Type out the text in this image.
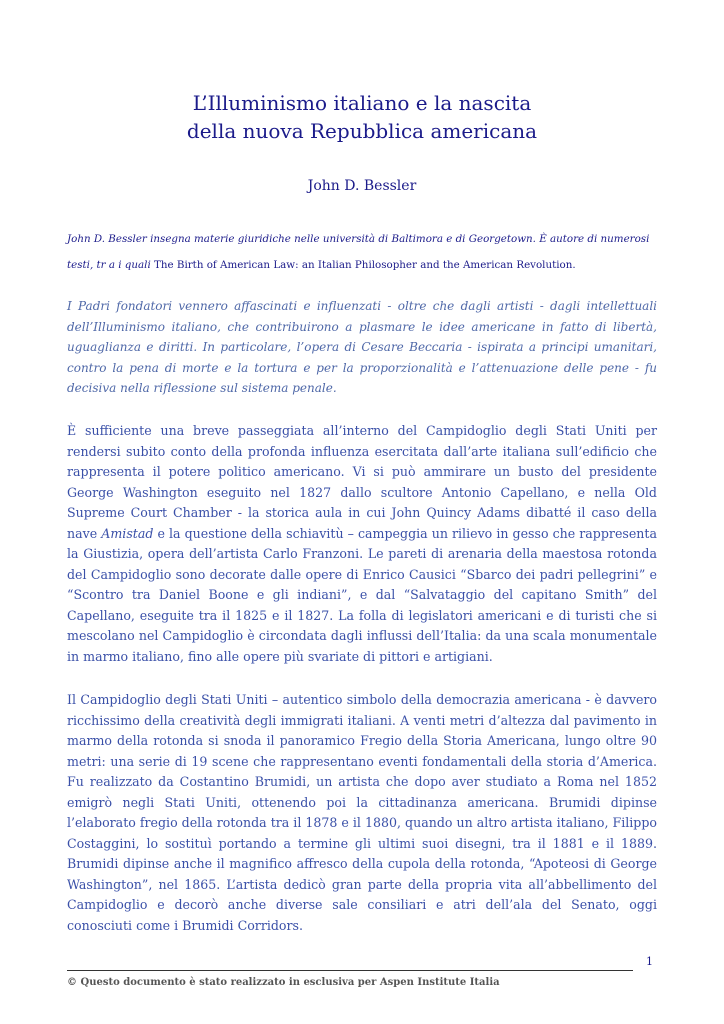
L’Illuminismo italiano e la nascita
della nuova Repubblica americana
John D. Bessler
John D. Bessler insegna materie giuridiche nelle università di Baltimora e di Georgetown. È autore di numerosi testi, tr a i quali The Birth of American Law: an Italian Philosopher and the American Revolution.
I Padri fondatori vennero affascinati e influenzati - oltre che dagli artisti - dagli intellettuali dell’Illuminismo italiano, che contribuirono a plasmare le idee americane in fatto di libertà, uguaglianza e diritti. In particolare, l’opera di Cesare Beccaria - ispirata a principi umanitari, contro la pena di morte e la tortura e per la proporzionalità e l’attenuazione delle pene - fu decisiva nella riflessione sul sistema penale.
È sufficiente una breve passeggiata all’interno del Campidoglio degli Stati Uniti per rendersi subito conto della profonda influenza esercitata dall’arte italiana sull’edificio che rappresenta il potere politico americano. Vi si può ammirare un busto del presidente George Washington eseguito nel 1827 dallo scultore Antonio Capellano, e nella Old Supreme Court Chamber - la storica aula in cui John Quincy Adams dibatté il caso della nave Amistad e la questione della schiavitù – campeggia un rilievo in gesso che rappresenta la Giustizia, opera dell’artista Carlo Franzoni. Le pareti di arenaria della maestosa rotonda del Campidoglio sono decorate dalle opere di Enrico Causici “Sbarco dei padri pellegrini” e “Scontro tra Daniel Boone e gli indiani”, e dal “Salvataggio del capitano Smith” del Capellano, eseguite tra il 1825 e il 1827. La folla di legislatori americani e di turisti che si mescolano nel Campidoglio è circondata dagli influssi dell’Italia: da una scala monumentale in marmo italiano, fino alle opere più svariate di pittori e artigiani.
Il Campidoglio degli Stati Uniti – autentico simbolo della democrazia americana - è davvero ricchissimo della creatività degli immigrati italiani. A venti metri d’altezza dal pavimento in marmo della rotonda si snoda il panoramico Fregio della Storia Americana, lungo oltre 90 metri: una serie di 19 scene che rappresentano eventi fondamentali della storia d’America. Fu realizzato da Costantino Brumidi, un artista che dopo aver studiato a Roma nel 1852 emigrò negli Stati Uniti, ottenendo poi la cittadinanza americana. Brumidi dipinse l’elaborato fregio della rotonda tra il 1878 e il 1880, quando un altro artista italiano, Filippo Costaggini, lo sostituì portando a termine gli ultimi suoi disegni, tra il 1881 e il 1889. Brumidi dipinse anche il magnifico affresco della cupola della rotonda, “Apoteosi di George Washington”, nel 1865. L’artista dedicò gran parte della propria vita all’abbellimento del Campidoglio e decorò anche diverse sale consiliari e atri dell’ala del Senato, oggi conosciuti come i Brumidi Corridors.
1
© Questo documento è stato realizzato in esclusiva per Aspen Institute Italia
